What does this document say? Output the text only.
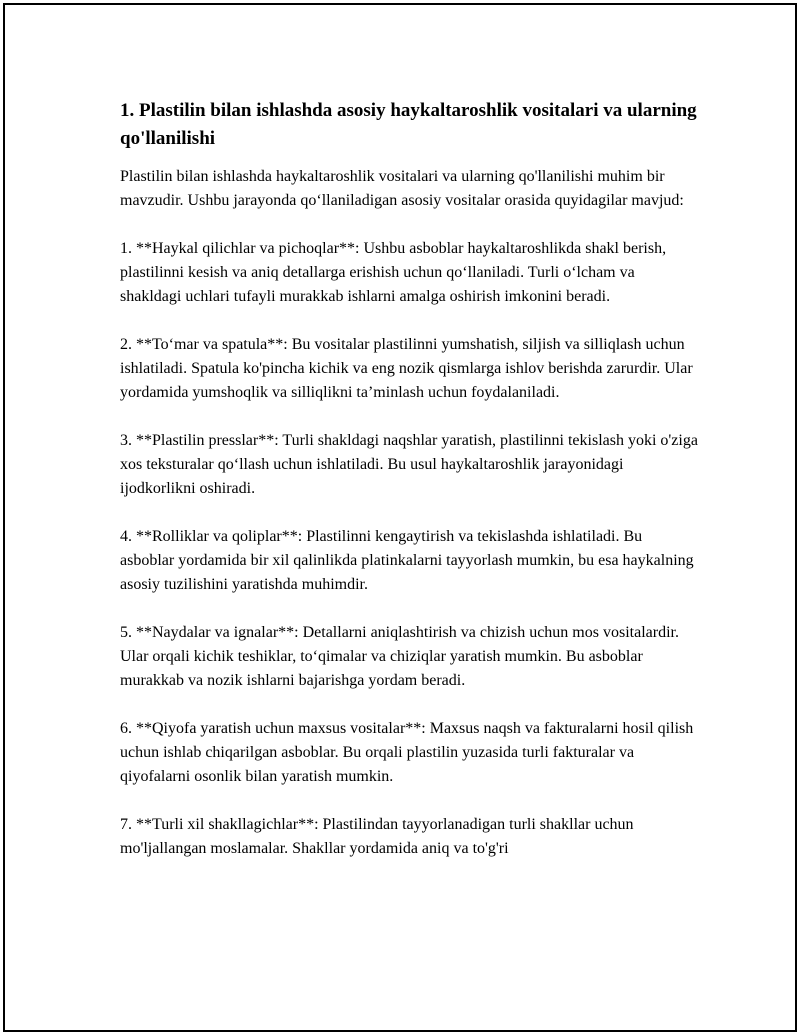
1. Plastilin bilan ishlashda asosiy haykaltaroshlik vositalari va ularning qo'llanilishi

Plastilin bilan ishlashda haykaltaroshlik vositalari va ularning qo'llanilishi muhim bir mavzudir. Ushbu jarayonda qo‘llaniladigan asosiy vositalar orasida quyidagilar mavjud:

1. **Haykal qilichlar va pichoqlar**: Ushbu asboblar haykaltaroshlikda shakl berish, plastilinni kesish va aniq detallarga erishish uchun qo‘llaniladi. Turli o‘lcham va shakldagi uchlari tufayli murakkab ishlarni amalga oshirish imkonini beradi.

2. **To‘mar va spatula**: Bu vositalar plastilinni yumshatish, siljish va silliqlash uchun ishlatiladi. Spatula ko'pincha kichik va eng nozik qismlarga ishlov berishda zarurdir. Ular yordamida yumshoqlik va silliqlikni ta’minlash uchun foydalaniladi.

3. **Plastilin presslar**: Turli shakldagi naqshlar yaratish, plastilinni tekislash yoki o'ziga xos teksturalar qo‘llash uchun ishlatiladi. Bu usul haykaltaroshlik jarayonidagi ijodkorlikni oshiradi.

4. **Rolliklar va qoliplar**: Plastilinni kengaytirish va tekislashda ishlatiladi. Bu asboblar yordamida bir xil qalinlikda platinkalarni tayyorlash mumkin, bu esa haykalning asosiy tuzilishini yaratishda muhimdir.

5. **Naydalar va ignalar**: Detallarni aniqlashtirish va chizish uchun mos vositalardir. Ular orqali kichik teshiklar, to‘qimalar va chiziqlar yaratish mumkin. Bu asboblar murakkab va nozik ishlarni bajarishga yordam beradi.

6. **Qiyofa yaratish uchun maxsus vositalar**: Maxsus naqsh va fakturalarni hosil qilish uchun ishlab chiqarilgan asboblar. Bu orqali plastilin yuzasida turli fakturalar va qiyofalarni osonlik bilan yaratish mumkin.

7. **Turli xil shakllagichlar**: Plastilindan tayyorlanadigan turli shakllar uchun mo'ljallangan moslamalar. Shakllar yordamida aniq va to'g'ri
